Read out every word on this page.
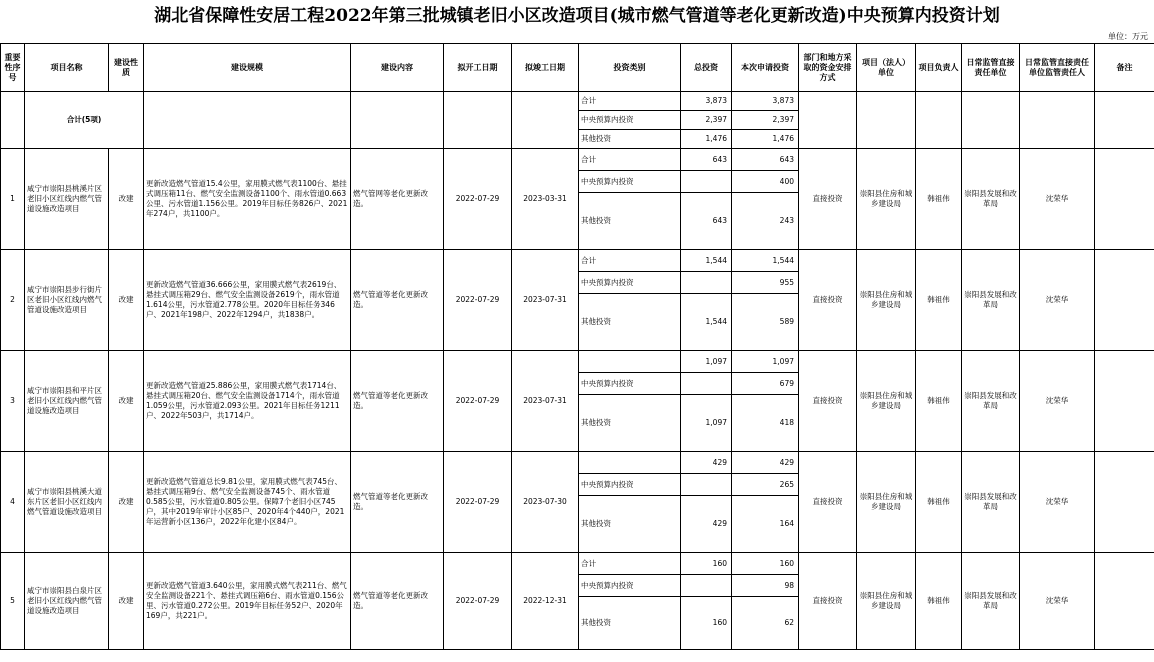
湖北省保障性安居工程2022年第三批城镇老旧小区改造项目(城市燃气管道等老化更新改造)中央预算内投资计划
单位：万元
重要性序号	项目名称	建设性质	建设规模	建设内容	拟开工日期	拟竣工日期	投资类别	总投资	本次申请投资	部门和地方采取的资金安排方式	项目（法人）单位	项目负责人	日常监管直接责任单位	日常监管直接责任单位监管责任人	备注
	合计(5项)						合计	3,873	3,873						
							中央预算内投资	2,397	2,397						
							其他投资	1,476	1,476						
1	咸宁市崇阳县桃溪片区老旧小区红线内燃气管道设施改造项目	改建	更新改造燃气管道15.4公里，家用膜式燃气表1100台、悬挂式调压箱11台、燃气安全监测设备1100个、雨水管道0.663公里、污水管道1.156公里。2019年目标任务826户、2021年274户，共1100户。	燃气管网等老化更新改造。	2022-07-29	2023-03-31	合计	643	643	直接投资	崇阳县住房和城乡建设局	韩祖伟	崇阳县发展和改革局	沈荣华	
							中央预算内投资		400						
							其他投资	643	243						
2	咸宁市崇阳县步行街片区老旧小区红线内燃气管道设施改造项目	改建	更新改造燃气管道36.666公里，家用膜式燃气表2619台、悬挂式调压箱29台、燃气安全监测设备2619个，雨水管道1.614公里，污水管道2.778公里。2020年目标任务346户、2021年198户、2022年1294户，共1838户。	燃气管道等老化更新改造。	2022-07-29	2023-07-31	合计	1,544	1,544	直接投资	崇阳县住房和城乡建设局	韩祖伟	崇阳县发展和改革局	沈荣华	
							中央预算内投资		955						
							其他投资	1,544	589						
3	咸宁市崇阳县和平片区老旧小区红线内燃气管道设施改造项目	改建	更新改造燃气管道25.886公里，家用膜式燃气表1714台、悬挂式调压箱20台、燃气安全监测设备1714个，雨水管道1.059公里，污水管道2.093公里。2021年目标任务1211户、2022年503户，共1714户。	燃气管道等老化更新改造。	2022-07-29	2023-07-31		1,097	1,097	直接投资	崇阳县住房和城乡建设局	韩祖伟	崇阳县发展和改革局	沈荣华	
							中央预算内投资		679						
							其他投资	1,097	418						
4	咸宁市崇阳县桃溪大道东片区老旧小区红线内燃气管道设施改造项目	改建	更新改造燃气管道总长9.81公里，家用膜式燃气表745台、悬挂式调压箱9台、燃气安全监测设备745个、雨水管道0.585公里，污水管道0.805公里。保障7个老旧小区745户，其中2019年审计小区85户、2020年4个440户，2021年运营新小区136户，2022年化建小区84户。	燃气管道等老化更新改造。	2022-07-29	2023-07-30		429	429	直接投资	崇阳县住房和城乡建设局	韩祖伟	崇阳县发展和改革局	沈荣华	
							中央预算内投资		265						
							其他投资	429	164						
5	咸宁市崇阳县白泉片区老旧小区红线内燃气管道设施改造项目	改建	更新改造燃气管道3.640公里，家用膜式燃气表211台、燃气安全监测设备221个、悬挂式调压箱6台、雨水管道0.156公里、污水管道0.272公里。2019年目标任务52户、2020年169户，共221户。	燃气管道等老化更新改造。	2022-07-29	2022-12-31	合计	160	160	直接投资	崇阳县住房和城乡建设局	韩祖伟	崇阳县发展和改革局	沈荣华	
							中央预算内投资		98						
							其他投资	160	62						
